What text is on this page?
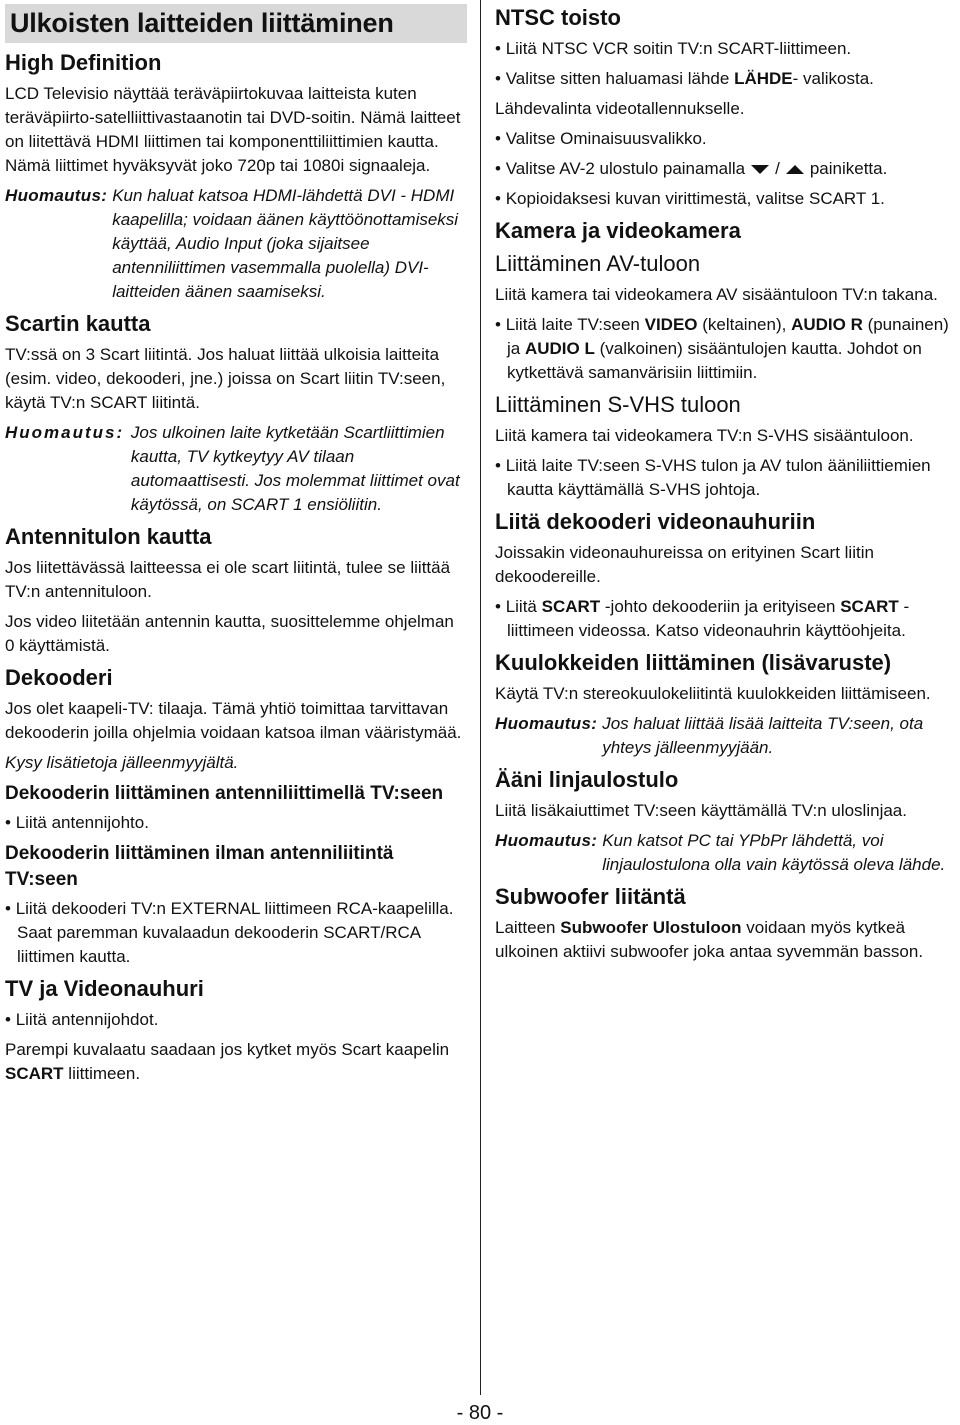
Ulkoisten laitteiden liittäminen
High Definition

LCD Televisio näyttää teräväpiirtokuvaa laitteista kuten teräväpiirto-satelliittivastaanotin tai DVD-soitin. Nämä laitteet on liitettävä HDMI liittimen tai komponenttiliittimien kautta. Nämä liittimet hyväksyvät joko 720p tai 1080i signaaleja.

Huomautus: Kun haluat katsoa HDMI-lähdettä DVI - HDMI kaapelilla; voidaan äänen käyttöönottamiseksi käyttää, Audio Input (joka sijaitsee antenniliittimen vasemmalla puolella) DVI-laitteiden äänen saamiseksi.
Scartin kautta

TV:ssä on 3 Scart liitintä. Jos haluat liittää ulkoisia laitteita (esim. video, dekooderi, jne.) joissa on Scart liitin TV:seen, käytä TV:n SCART liitintä.

Huomautus: Jos ulkoinen laite kytketään Scartliittimien kautta, TV kytkeytyy AV tilaan automaattisesti. Jos molemmat liittimet ovat käytössä, on SCART 1 ensiöliitin.
Antennitulon kautta

Jos liitettävässä laitteessa ei ole scart liitintä, tulee se liittää TV:n antennituloon.

Jos video liitetään antennin kautta, suosittelemme ohjelman 0 käyttämistä.

Dekooderi

Jos olet kaapeli-TV: tilaaja. Tämä yhtiö toimittaa tarvittavan dekooderin joilla ohjelmia voidaan katsoa ilman vääristymää.

Kysy lisätietoja jälleenmyyjältä.

Dekooderin liittäminen antenniliittimellä TV:seen
• Liitä antennijohto.
Dekooderin liittäminen ilman antenniliitintä TV:seen
• Liitä dekooderi TV:n EXTERNAL liittimeen RCA-kaapelilla. Saat paremman kuvalaadun dekooderin SCART/RCA liittimen kautta.
TV ja Videonauhuri
• Liitä antennijohdot.

Parempi kuvalaatu saadaan jos kytket myös Scart kaapelin SCART liittimeen.

NTSC toisto
• Liitä NTSC VCR soitin TV:n SCART-liittimeen.
• Valitse sitten haluamasi lähde LÄHDE- valikosta.

Lähdevalinta videotallennukselle.

• Valitse Ominaisuusvalikko.
• Valitse AV-2 ulostulo painamalla / painiketta.
• Kopioidaksesi kuvan virittimestä, valitse SCART 1.
Kamera ja videokamera
Liittäminen AV-tuloon

Liitä kamera tai videokamera AV sisääntuloon TV:n takana.

• Liitä laite TV:seen VIDEO (keltainen), AUDIO R (punainen) ja AUDIO L (valkoinen) sisääntulojen kautta. Johdot on kytkettävä samanvärisiin liittimiin.
Liittäminen S-VHS tuloon

Liitä kamera tai videokamera TV:n S-VHS sisääntuloon.

• Liitä laite TV:seen S-VHS tulon ja AV tulon ääniliittiemien kautta käyttämällä S-VHS johtoja.
Liitä dekooderi videonauhuriin

Joissakin videonauhureissa on erityinen Scart liitin dekoodereille.

• Liitä SCART -johto dekooderiin ja erityiseen SCART -liittimeen videossa. Katso videonauhrin käyttöohjeita.
Kuulokkeiden liittäminen (lisävaruste)

Käytä TV:n stereokuulokeliitintä kuulokkeiden liittämiseen.

Huomautus: Jos haluat liittää lisää laitteita TV:seen, ota yhteys jälleenmyyjään.
Ääni linjaulostulo

Liitä lisäkaiuttimet TV:seen käyttämällä TV:n uloslinjaa.

Huomautus: Kun katsot PC tai YPbPr lähdettä, voi linjaulostulona olla vain käytössä oleva lähde.
Subwoofer liitäntä

Laitteen Subwoofer Ulostuloon voidaan myös kytkeä ulkoinen aktiivi subwoofer joka antaa syvemmän basson.

- 80 -
